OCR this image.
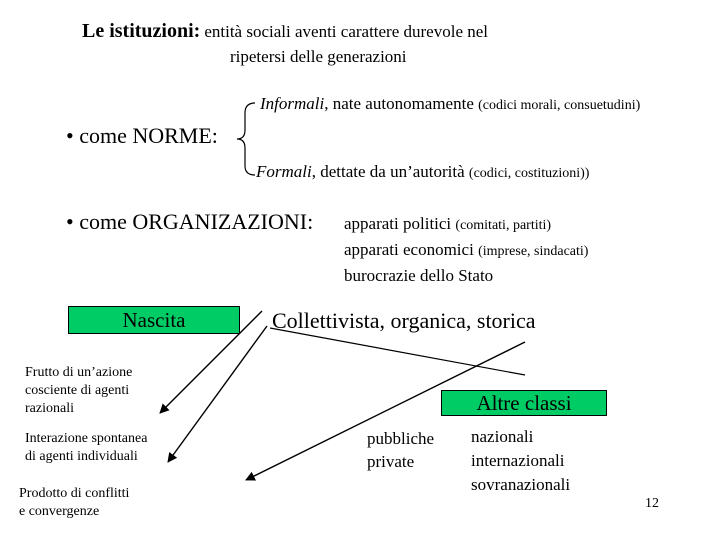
Le istituzioni: entità sociali aventi carattere durevole nel
ripetersi delle generazioni
Informali, nate autonomamente (codici morali, consuetudini)
• come NORME:
Formali, dettate da un’autorità (codici, costituzioni))
• come ORGANIZAZIONI: apparati politici (comitati, partiti)
apparati economici (imprese, sindacati)
burocrazie dello Stato
Nascita	Collettivista, organica, storica
Frutto di un’azione
cosciente di agenti
razionali
Interazione spontanea
di agenti individuali
Prodotto di conflitti
e convergenze
Altre classi
pubbliche
private
nazionali
internazionali
sovranazionali
12
